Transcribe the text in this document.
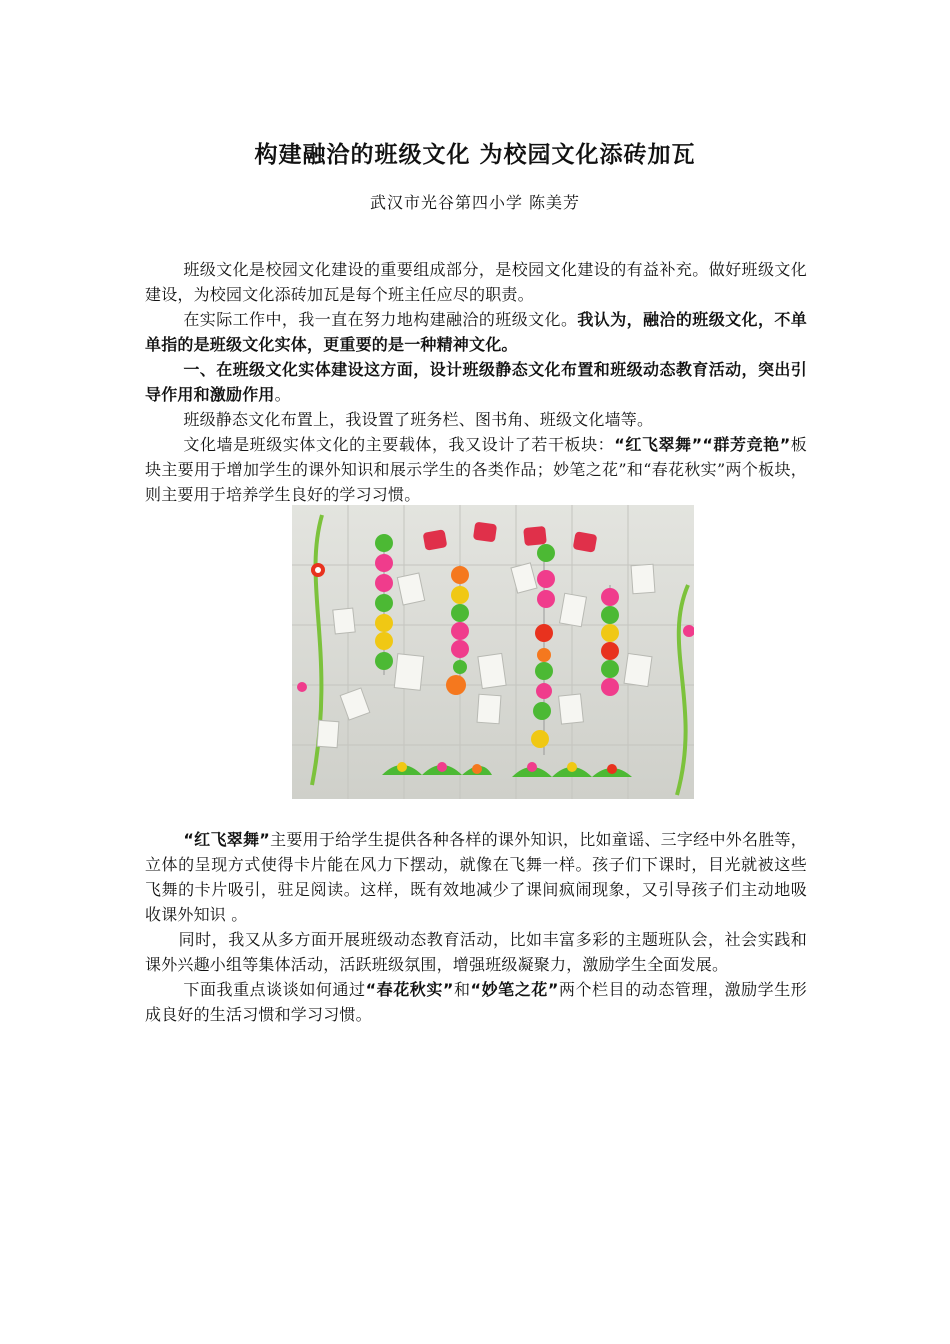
构建融洽的班级文化 为校园文化添砖加瓦
武汉市光谷第四小学 陈美芳

班级文化是校园文化建设的重要组成部分，是校园文化建设的有益补充。做好班级文化建设，为校园文化添砖加瓦是每个班主任应尽的职责。

在实际工作中，我一直在努力地构建融洽的班级文化。我认为，融洽的班级文化，不单单指的是班级文化实体，更重要的是一种精神文化。

一、在班级文化实体建设这方面，设计班级静态文化布置和班级动态教育活动，突出引导作用和激励作用。

班级静态文化布置上，我设置了班务栏、图书角、班级文化墙等。

文化墙是班级实体文化的主要载体，我又设计了若干板块：“红飞翠舞”“群芳竞艳”板块主要用于增加学生的课外知识和展示学生的各类作品；妙笔之花”和“春花秋实”两个板块，则主要用于培养学生良好的学习习惯。

“红飞翠舞”主要用于给学生提供各种各样的课外知识，比如童谣、三字经中外名胜等，立体的呈现方式使得卡片能在风力下摆动，就像在飞舞一样。孩子们下课时，目光就被这些飞舞的卡片吸引，驻足阅读。这样，既有效地减少了课间疯闹现象，又引导孩子们主动地吸收课外知识 。

同时，我又从多方面开展班级动态教育活动，比如丰富多彩的主题班队会，社会实践和课外兴趣小组等集体活动，活跃班级氛围，增强班级凝聚力，激励学生全面发展。

下面我重点谈谈如何通过“春花秋实”和“妙笔之花”两个栏目的动态管理，激励学生形成良好的生活习惯和学习习惯。
